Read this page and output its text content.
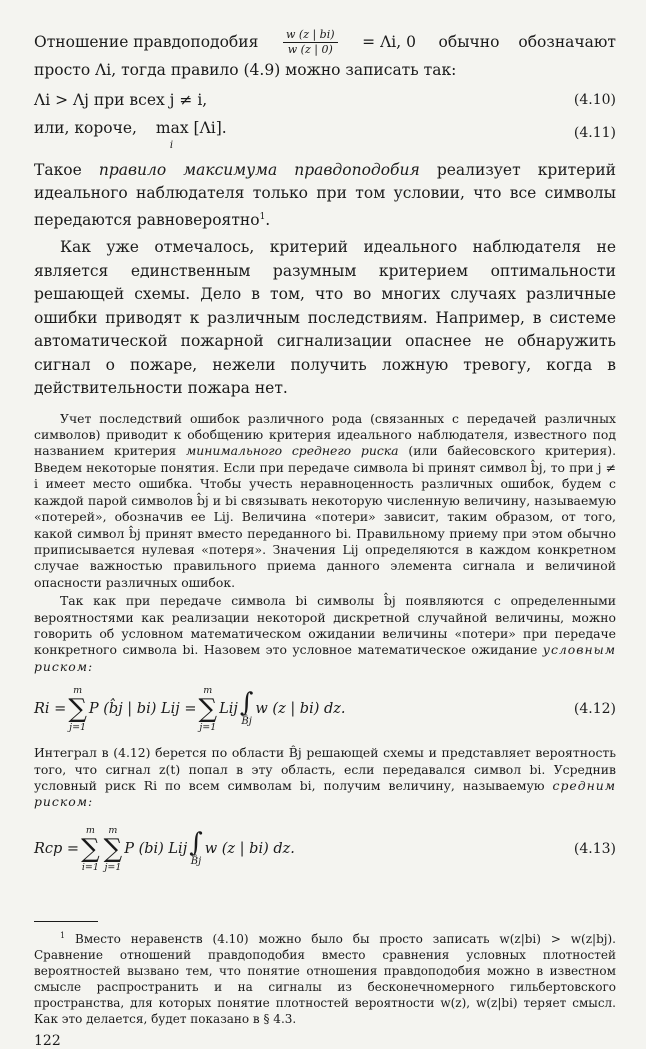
Отношение правдоподобия $\frac{w (z | bi)}{w (z | 0)} = \Lambda i$, 0 обычно обозначают

просто Λi, тогда правило (4.9) можно записать так:

Λi > Λj при всех j ≠ i,	(4.10)
или, короче, max [Λi].
i
(4.11)

Такое правило максимума правдоподобия реализует критерий идеального наблюдателя только при том условии, что все символы передаются равновероятно$^1$.

Как уже отмечалось, критерий идеального наблюдателя не является единственным разумным критерием оптимальности решающей схемы. Дело в том, что во многих случаях различные ошибки приводят к различным последствиям. Например, в системе автоматической пожарной сигнализации опаснее не обнаружить сигнал о пожаре, нежели получить ложную тревогу, когда в действительности пожара нет.

Учет последствий ошибок различного рода (связанных с передачей различных символов) приводит к обобщению критерия идеального наблюдателя, известного под названием критерия минимального среднего риска (или байесовского критерия). Введем некоторые понятия. Если при передаче символа bi принят символ b̂j, то при j ≠ i имеет место ошибка. Чтобы учесть неравноценность различных ошибок, будем с каждой парой символов b̂j и bi связывать некоторую численную величину, называемую «потерей», обозначив ее Lij. Величина «потери» зависит, таким образом, от того, какой символ b̂j принят вместо переданного bi. Правильному приему при этом обычно приписывается нулевая «потеря». Значения Lij определяются в каждом конкретном случае важностью правильного приема данного элемента сигнала и величиной опасности различных ошибок.

Так как при передаче символа bi символы b̂j появляются с определенными вероятностями как реализации некоторой дискретной случайной величины, можно говорить об условном математическом ожидании величины «потери» при передаче конкретного символа bi. Назовем это условное математическое ожидание условным риском:

Ri =
m
∑
j=1
P (b̂j | bi) Lij =
m
∑
j=1
Lij ∫
B̂j
w (z | bi) dz.	(4.12)

Интеграл в (4.12) берется по области B̂j решающей схемы и представляет вероятность того, что сигнал z(t) попал в эту область, если передавался символ bi. Усреднив условный риск Ri по всем символам bi, получим величину, называемую средним риском:

Rср =
m
∑
i=1
m
∑
j=1
P (bi) Lij ∫
B̂j
w (z | bi) dz.	(4.13)

$^1$ Вместо неравенств (4.10) можно было бы просто записать w(z|bi) > w(z|bj). Сравнение отношений правдоподобия вместо сравнения условных плотностей вероятностей вызвано тем, что понятие отношения правдоподобия можно в известном смысле распространить и на сигналы из бесконечномерного гильбертовского пространства, для которых понятие плотностей вероятности w(z), w(z|bi) теряет смысл. Как это делается, будет показано в § 4.3.

122
